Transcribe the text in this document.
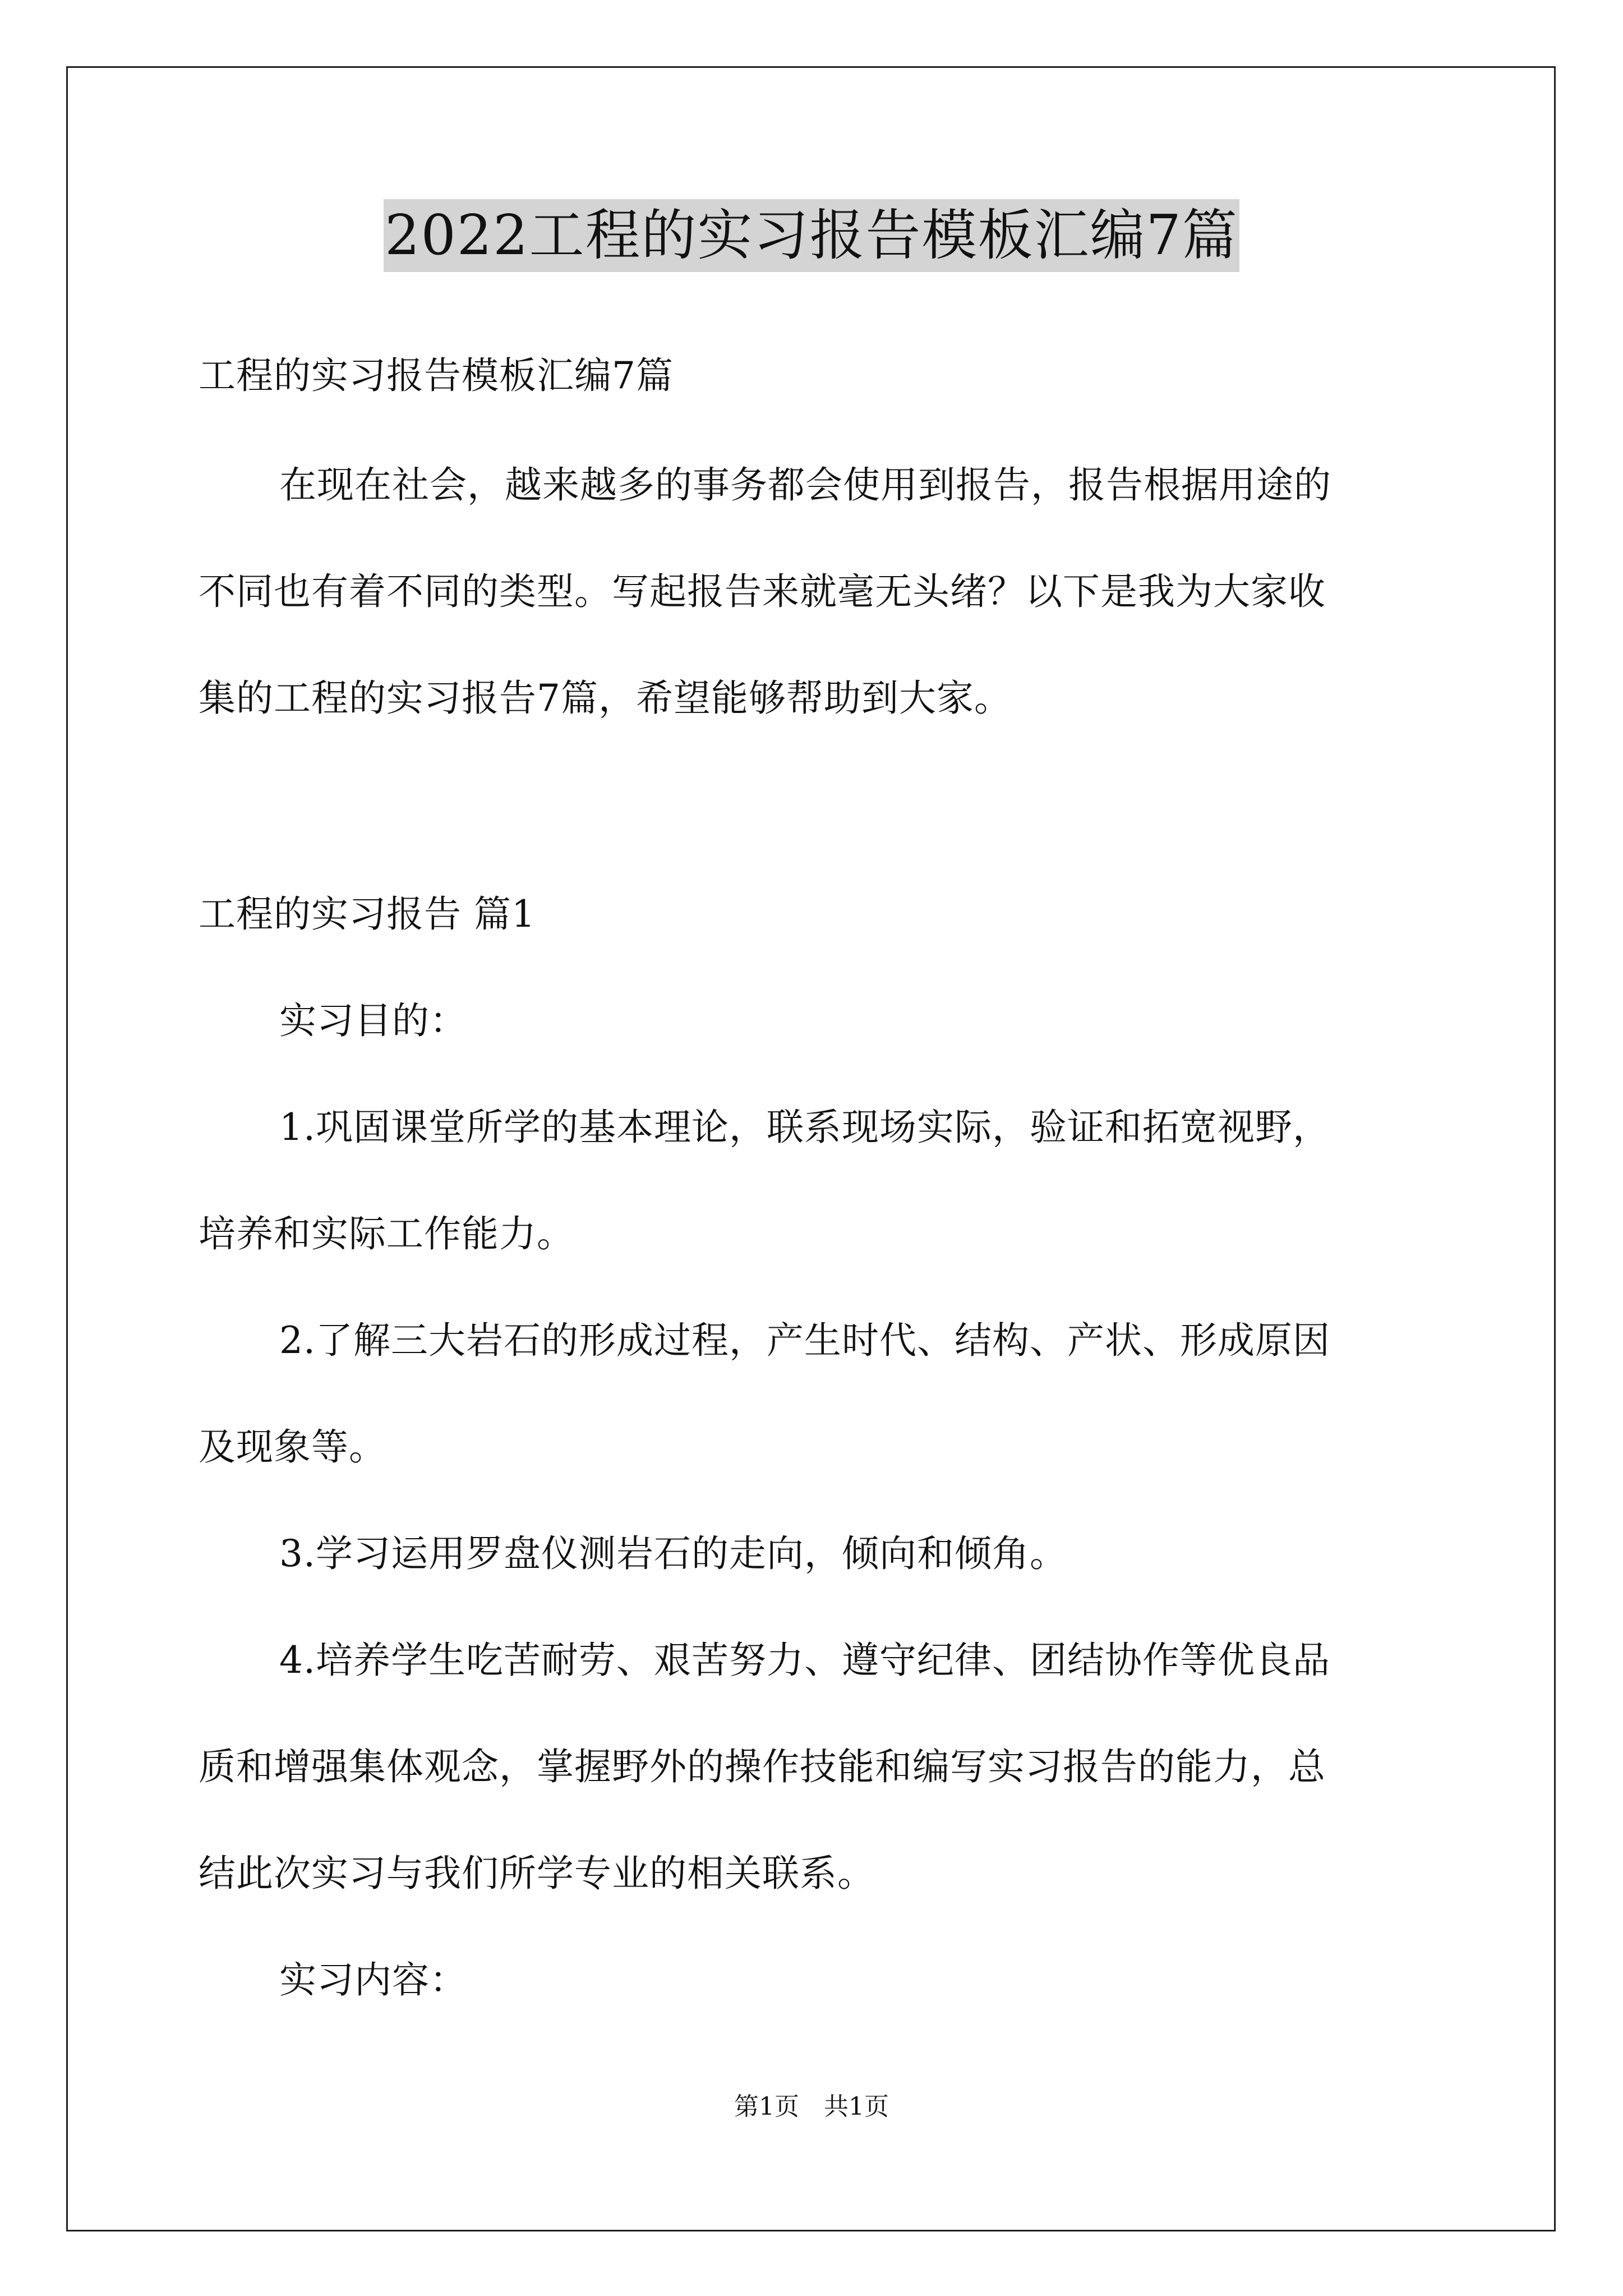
2022工程的实习报告模板汇编7篇
工程的实习报告模板汇编7篇
在现在社会，越来越多的事务都会使用到报告，报告根据用途的
不同也有着不同的类型。写起报告来就毫无头绪？以下是我为大家收
集的工程的实习报告7篇，希望能够帮助到大家。
工程的实习报告 篇1
实习目的：
1.巩固课堂所学的基本理论，联系现场实际，验证和拓宽视野，
培养和实际工作能力。
2.了解三大岩石的形成过程，产生时代、结构、产状、形成原因
及现象等。
3.学习运用罗盘仪测岩石的走向，倾向和倾角。
4.培养学生吃苦耐劳、艰苦努力、遵守纪律、团结协作等优良品
质和增强集体观念，掌握野外的操作技能和编写实习报告的能力，总
结此次实习与我们所学专业的相关联系。
实习内容：
第1页　共1页
